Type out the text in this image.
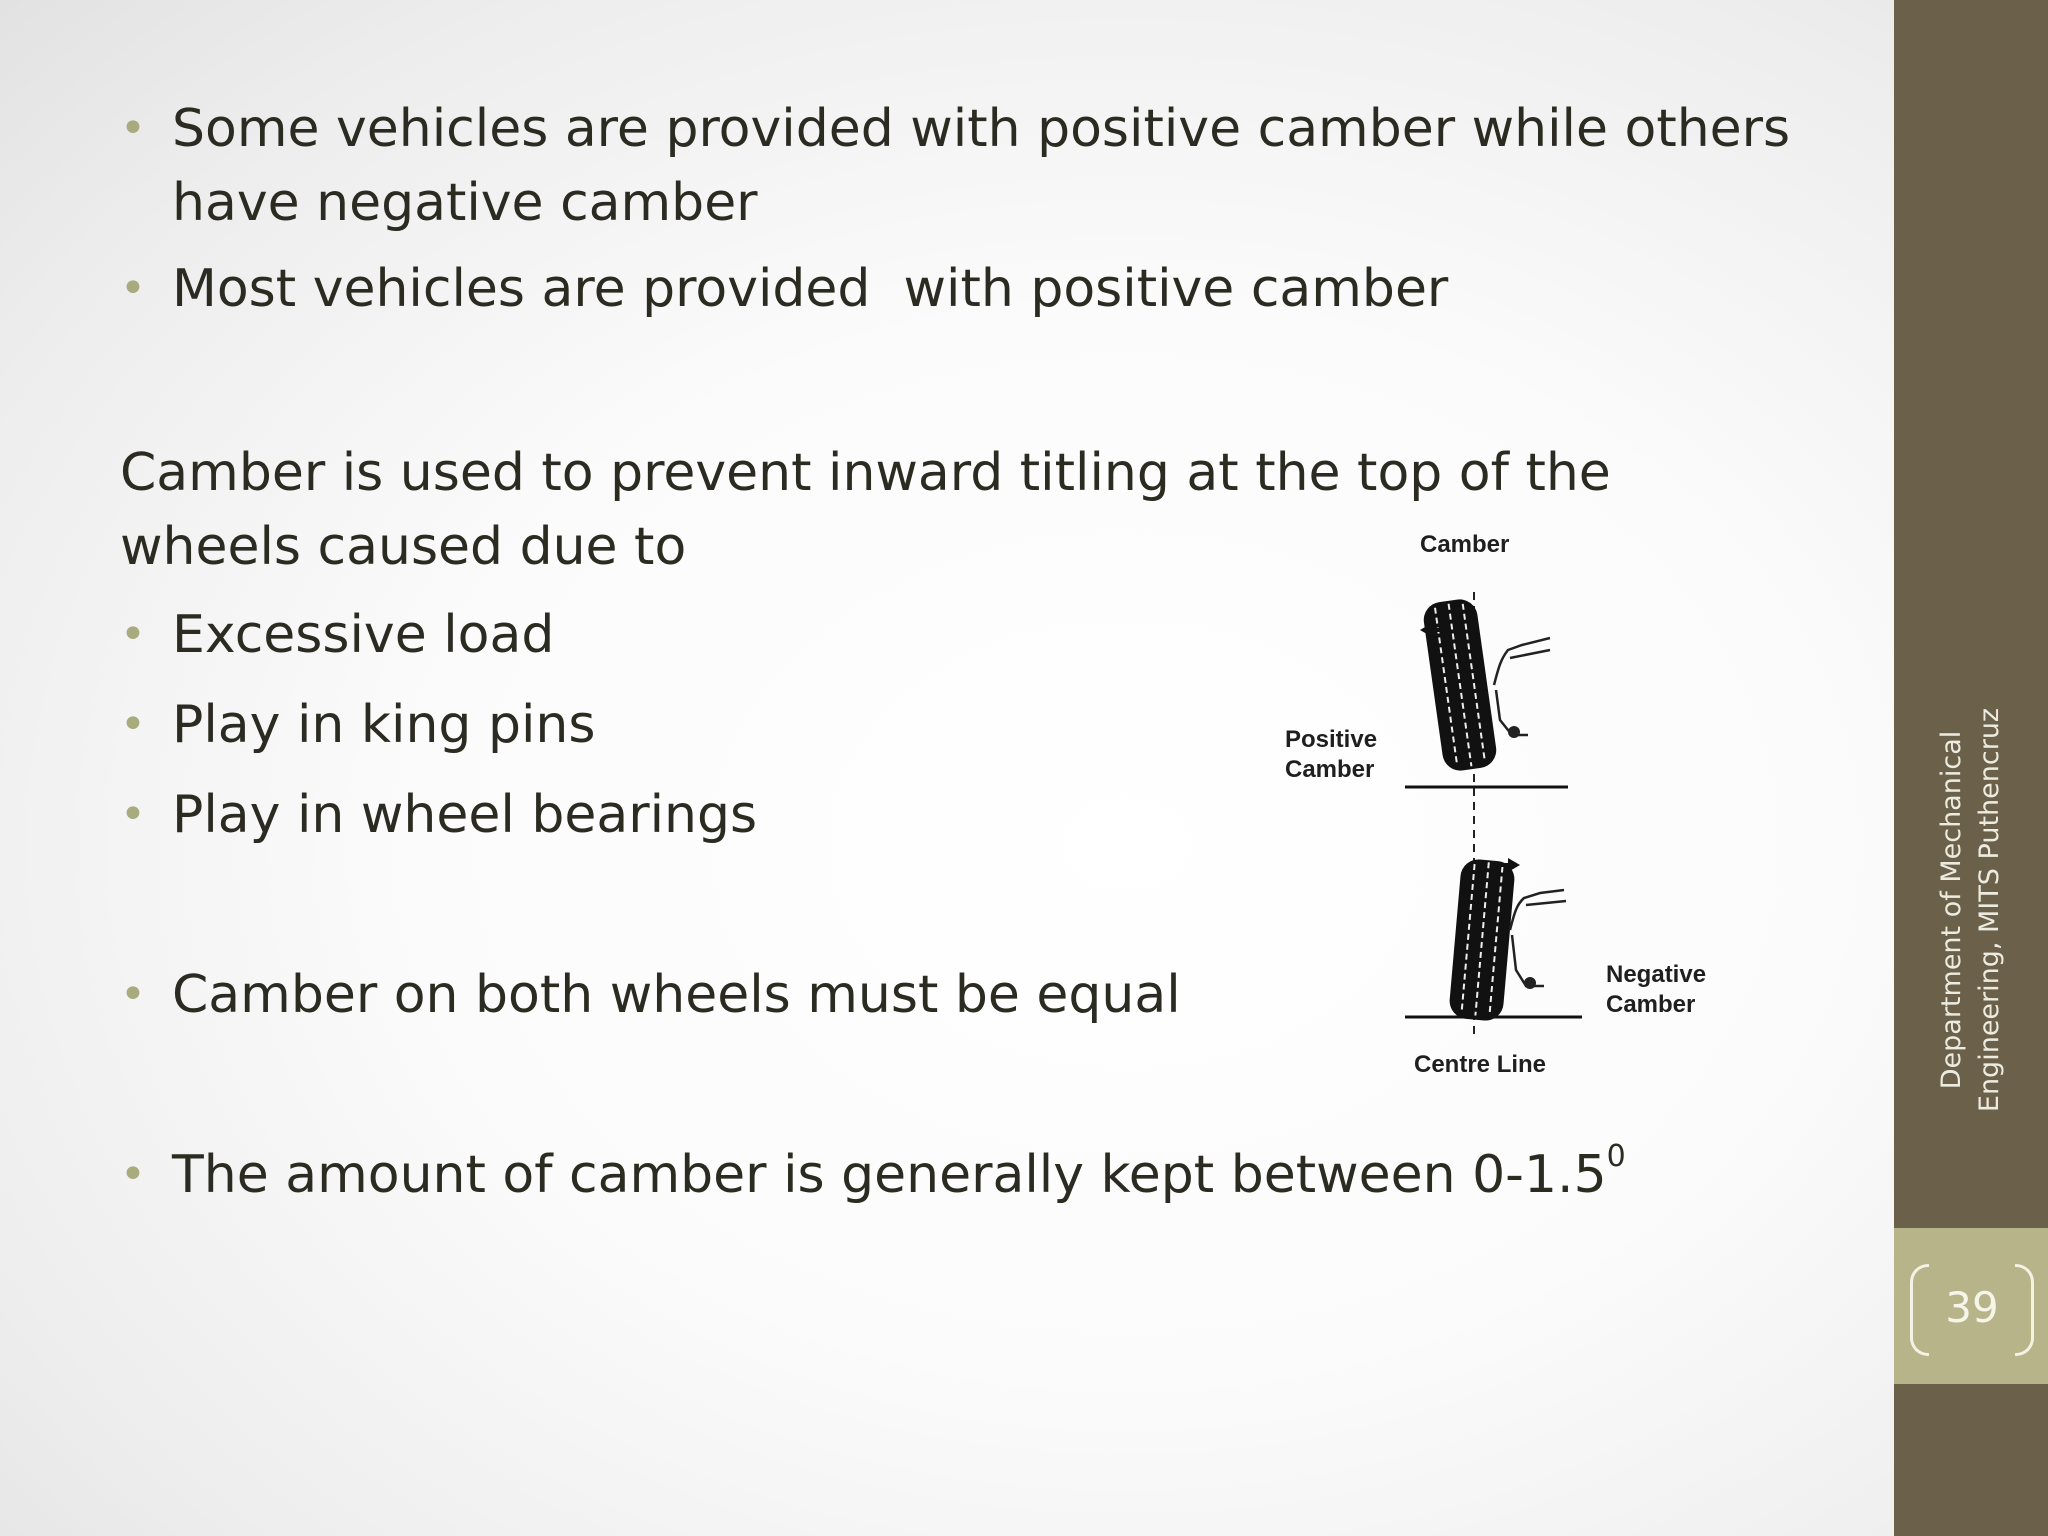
• Some vehicles are provided with positive camber while others have negative camber
• Most vehicles are provided  with positive camber
Camber is used to prevent inward titling at the top of the wheels caused due to
• Excessive load
• Play in king pins
• Play in wheel bearings
• Camber on both wheels must be equal
• The amount of camber is generally kept between $0-1.5^0$
Camber
Positive
Camber
Negative
Camber
Centre Line	Department of Mechanical Engineering, MITS Puthencruz
39
